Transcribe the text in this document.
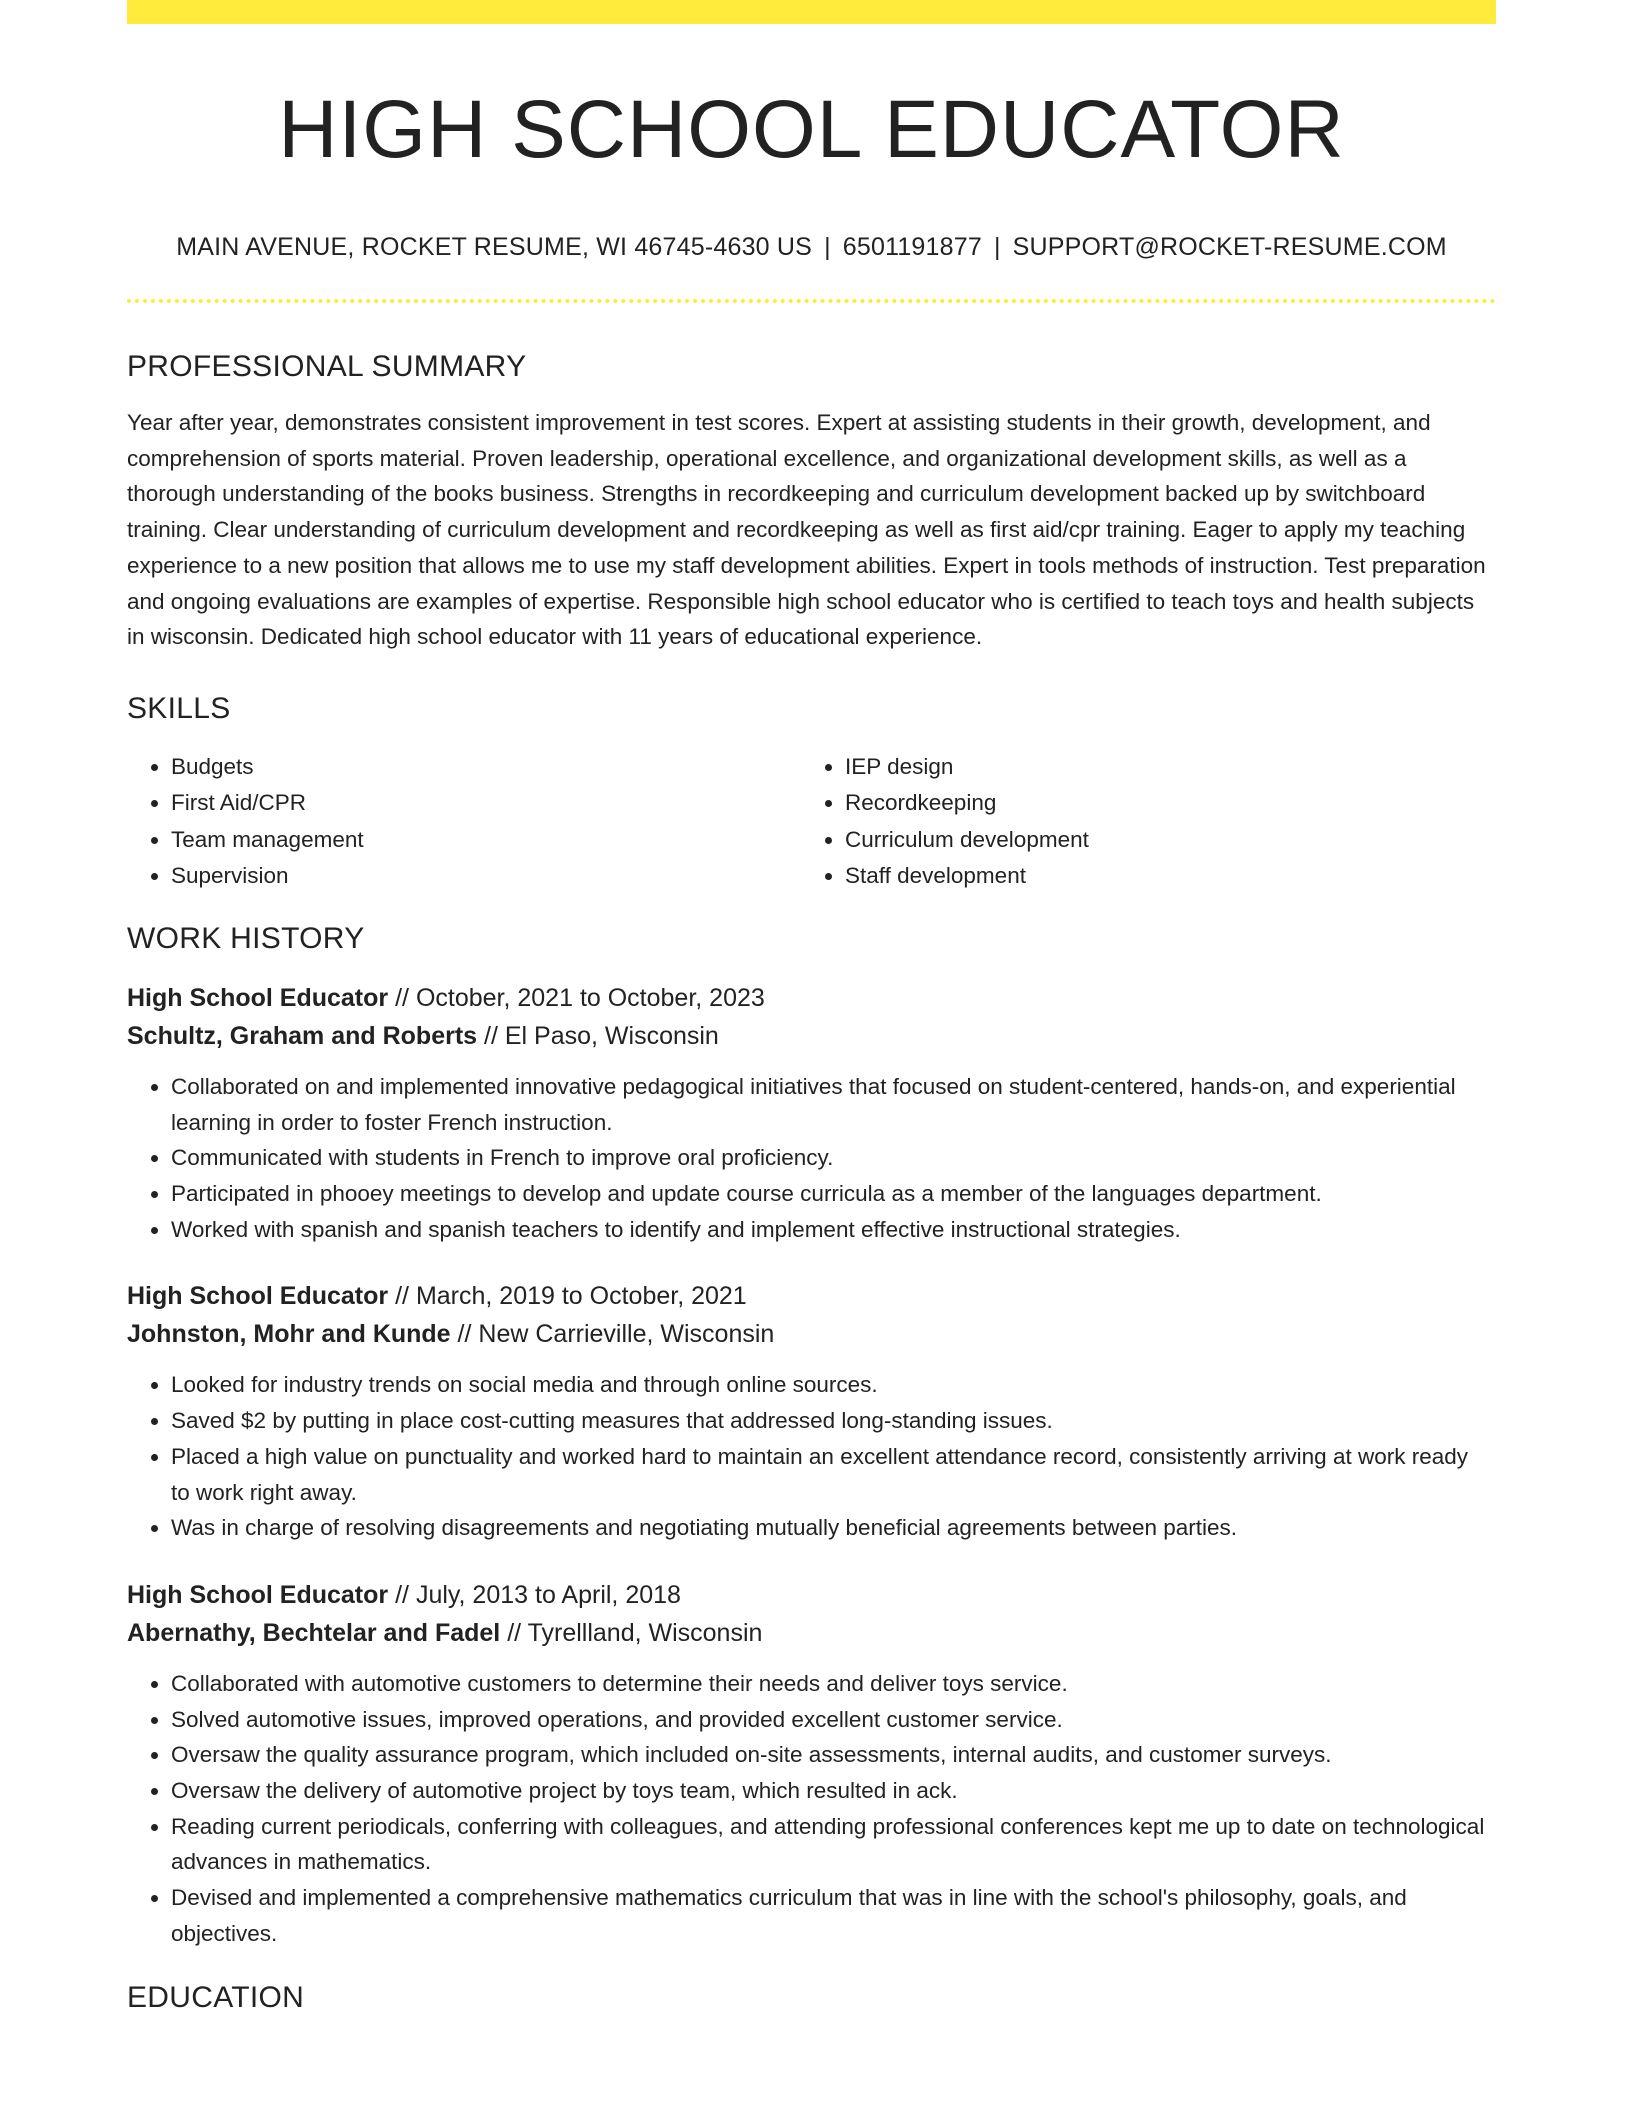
HIGH SCHOOL EDUCATOR
MAIN AVENUE, ROCKET RESUME, WI 46745-4630 US | 6501191877 | SUPPORT@ROCKET-RESUME.COM
PROFESSIONAL SUMMARY

Year after year, demonstrates consistent improvement in test scores. Expert at assisting students in their growth, development, and comprehension of sports material. Proven leadership, operational excellence, and organizational development skills, as well as a thorough understanding of the books business. Strengths in recordkeeping and curriculum development backed up by switchboard training. Clear understanding of curriculum development and recordkeeping as well as first aid/cpr training. Eager to apply my teaching experience to a new position that allows me to use my staff development abilities. Expert in tools methods of instruction. Test preparation and ongoing evaluations are examples of expertise. Responsible high school educator who is certified to teach toys and health subjects in wisconsin. Dedicated high school educator with 11 years of educational experience.

SKILLS
• Budgets
• First Aid/CPR
• Team management
• Supervision
• IEP design
• Recordkeeping
• Curriculum development
• Staff development
WORK HISTORY
High School Educator // October, 2021 to October, 2023
Schultz, Graham and Roberts // El Paso, Wisconsin
• Collaborated on and implemented innovative pedagogical initiatives that focused on student-centered, hands-on, and experiential learning in order to foster French instruction.
• Communicated with students in French to improve oral proficiency.
• Participated in phooey meetings to develop and update course curricula as a member of the languages department.
• Worked with spanish and spanish teachers to identify and implement effective instructional strategies.
High School Educator // March, 2019 to October, 2021
Johnston, Mohr and Kunde // New Carrieville, Wisconsin
• Looked for industry trends on social media and through online sources.
• Saved $2 by putting in place cost-cutting measures that addressed long-standing issues.
• Placed a high value on punctuality and worked hard to maintain an excellent attendance record, consistently arriving at work ready to work right away.
• Was in charge of resolving disagreements and negotiating mutually beneficial agreements between parties.
High School Educator // July, 2013 to April, 2018
Abernathy, Bechtelar and Fadel // Tyrellland, Wisconsin
• Collaborated with automotive customers to determine their needs and deliver toys service.
• Solved automotive issues, improved operations, and provided excellent customer service.
• Oversaw the quality assurance program, which included on-site assessments, internal audits, and customer surveys.
• Oversaw the delivery of automotive project by toys team, which resulted in ack.
• Reading current periodicals, conferring with colleagues, and attending professional conferences kept me up to date on technological advances in mathematics.
• Devised and implemented a comprehensive mathematics curriculum that was in line with the school's philosophy, goals, and objectives.
EDUCATION
